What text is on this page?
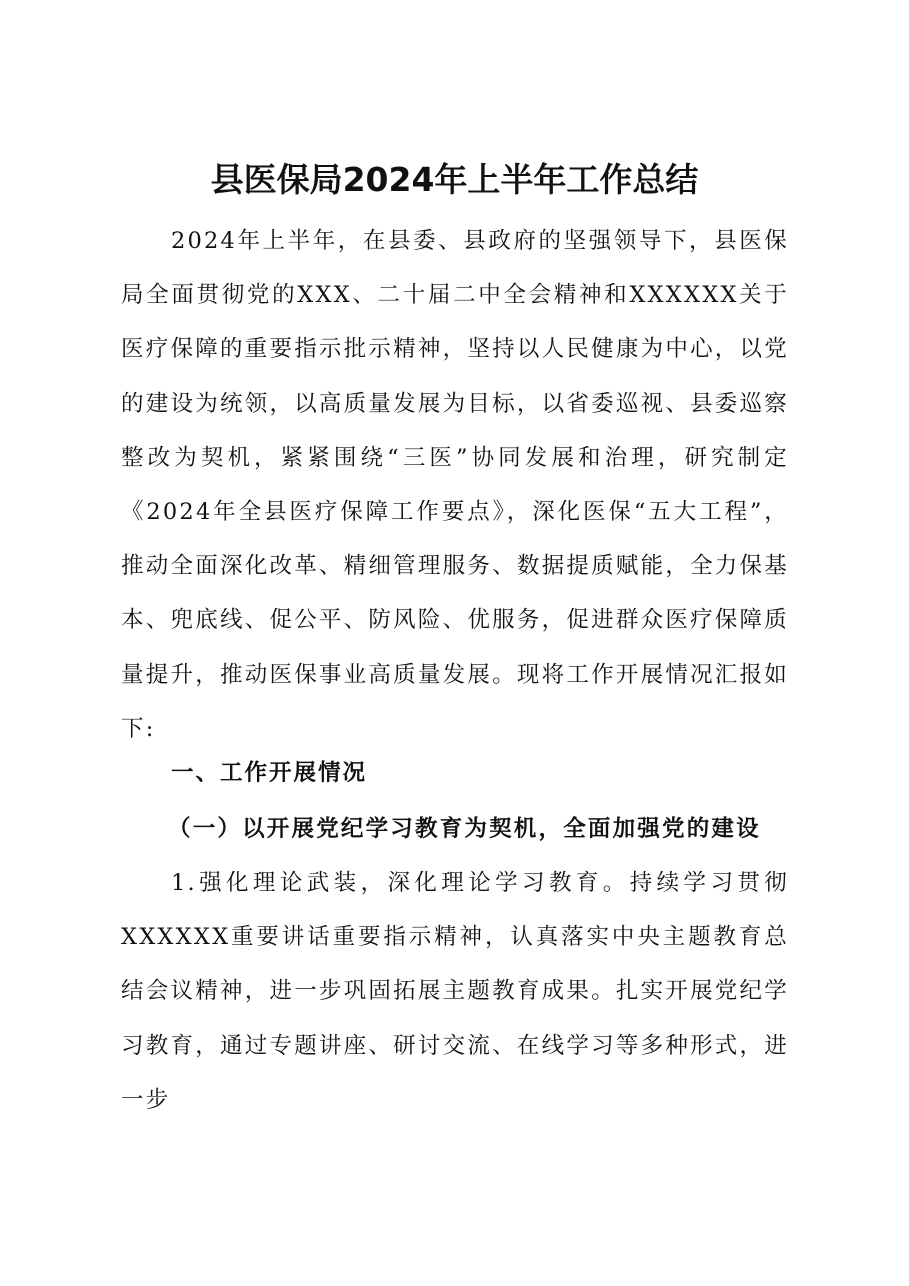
县医保局2024年上半年工作总结

2024年上半年，在县委、县政府的坚强领导下，县医保局全面贯彻党的XXX、二十届二中全会精神和XXXXXX关于医疗保障的重要指示批示精神，坚持以人民健康为中心，以党的建设为统领，以高质量发展为目标，以省委巡视、县委巡察整改为契机，紧紧围绕“三医”协同发展和治理，研究制定《2024年全县医疗保障工作要点》，深化医保“五大工程”，推动全面深化改革、精细管理服务、数据提质赋能，全力保基本、兜底线、促公平、防风险、优服务，促进群众医疗保障质量提升，推动医保事业高质量发展。现将工作开展情况汇报如下:

一、工作开展情况
（一）以开展党纪学习教育为契机，全面加强党的建设

1.强化理论武装，深化理论学习教育。持续学习贯彻XXXXXX重要讲话重要指示精神，认真落实中央主题教育总结会议精神，进一步巩固拓展主题教育成果。扎实开展党纪学习教育，通过专题讲座、研讨交流、在线学习等多种形式，进一步
